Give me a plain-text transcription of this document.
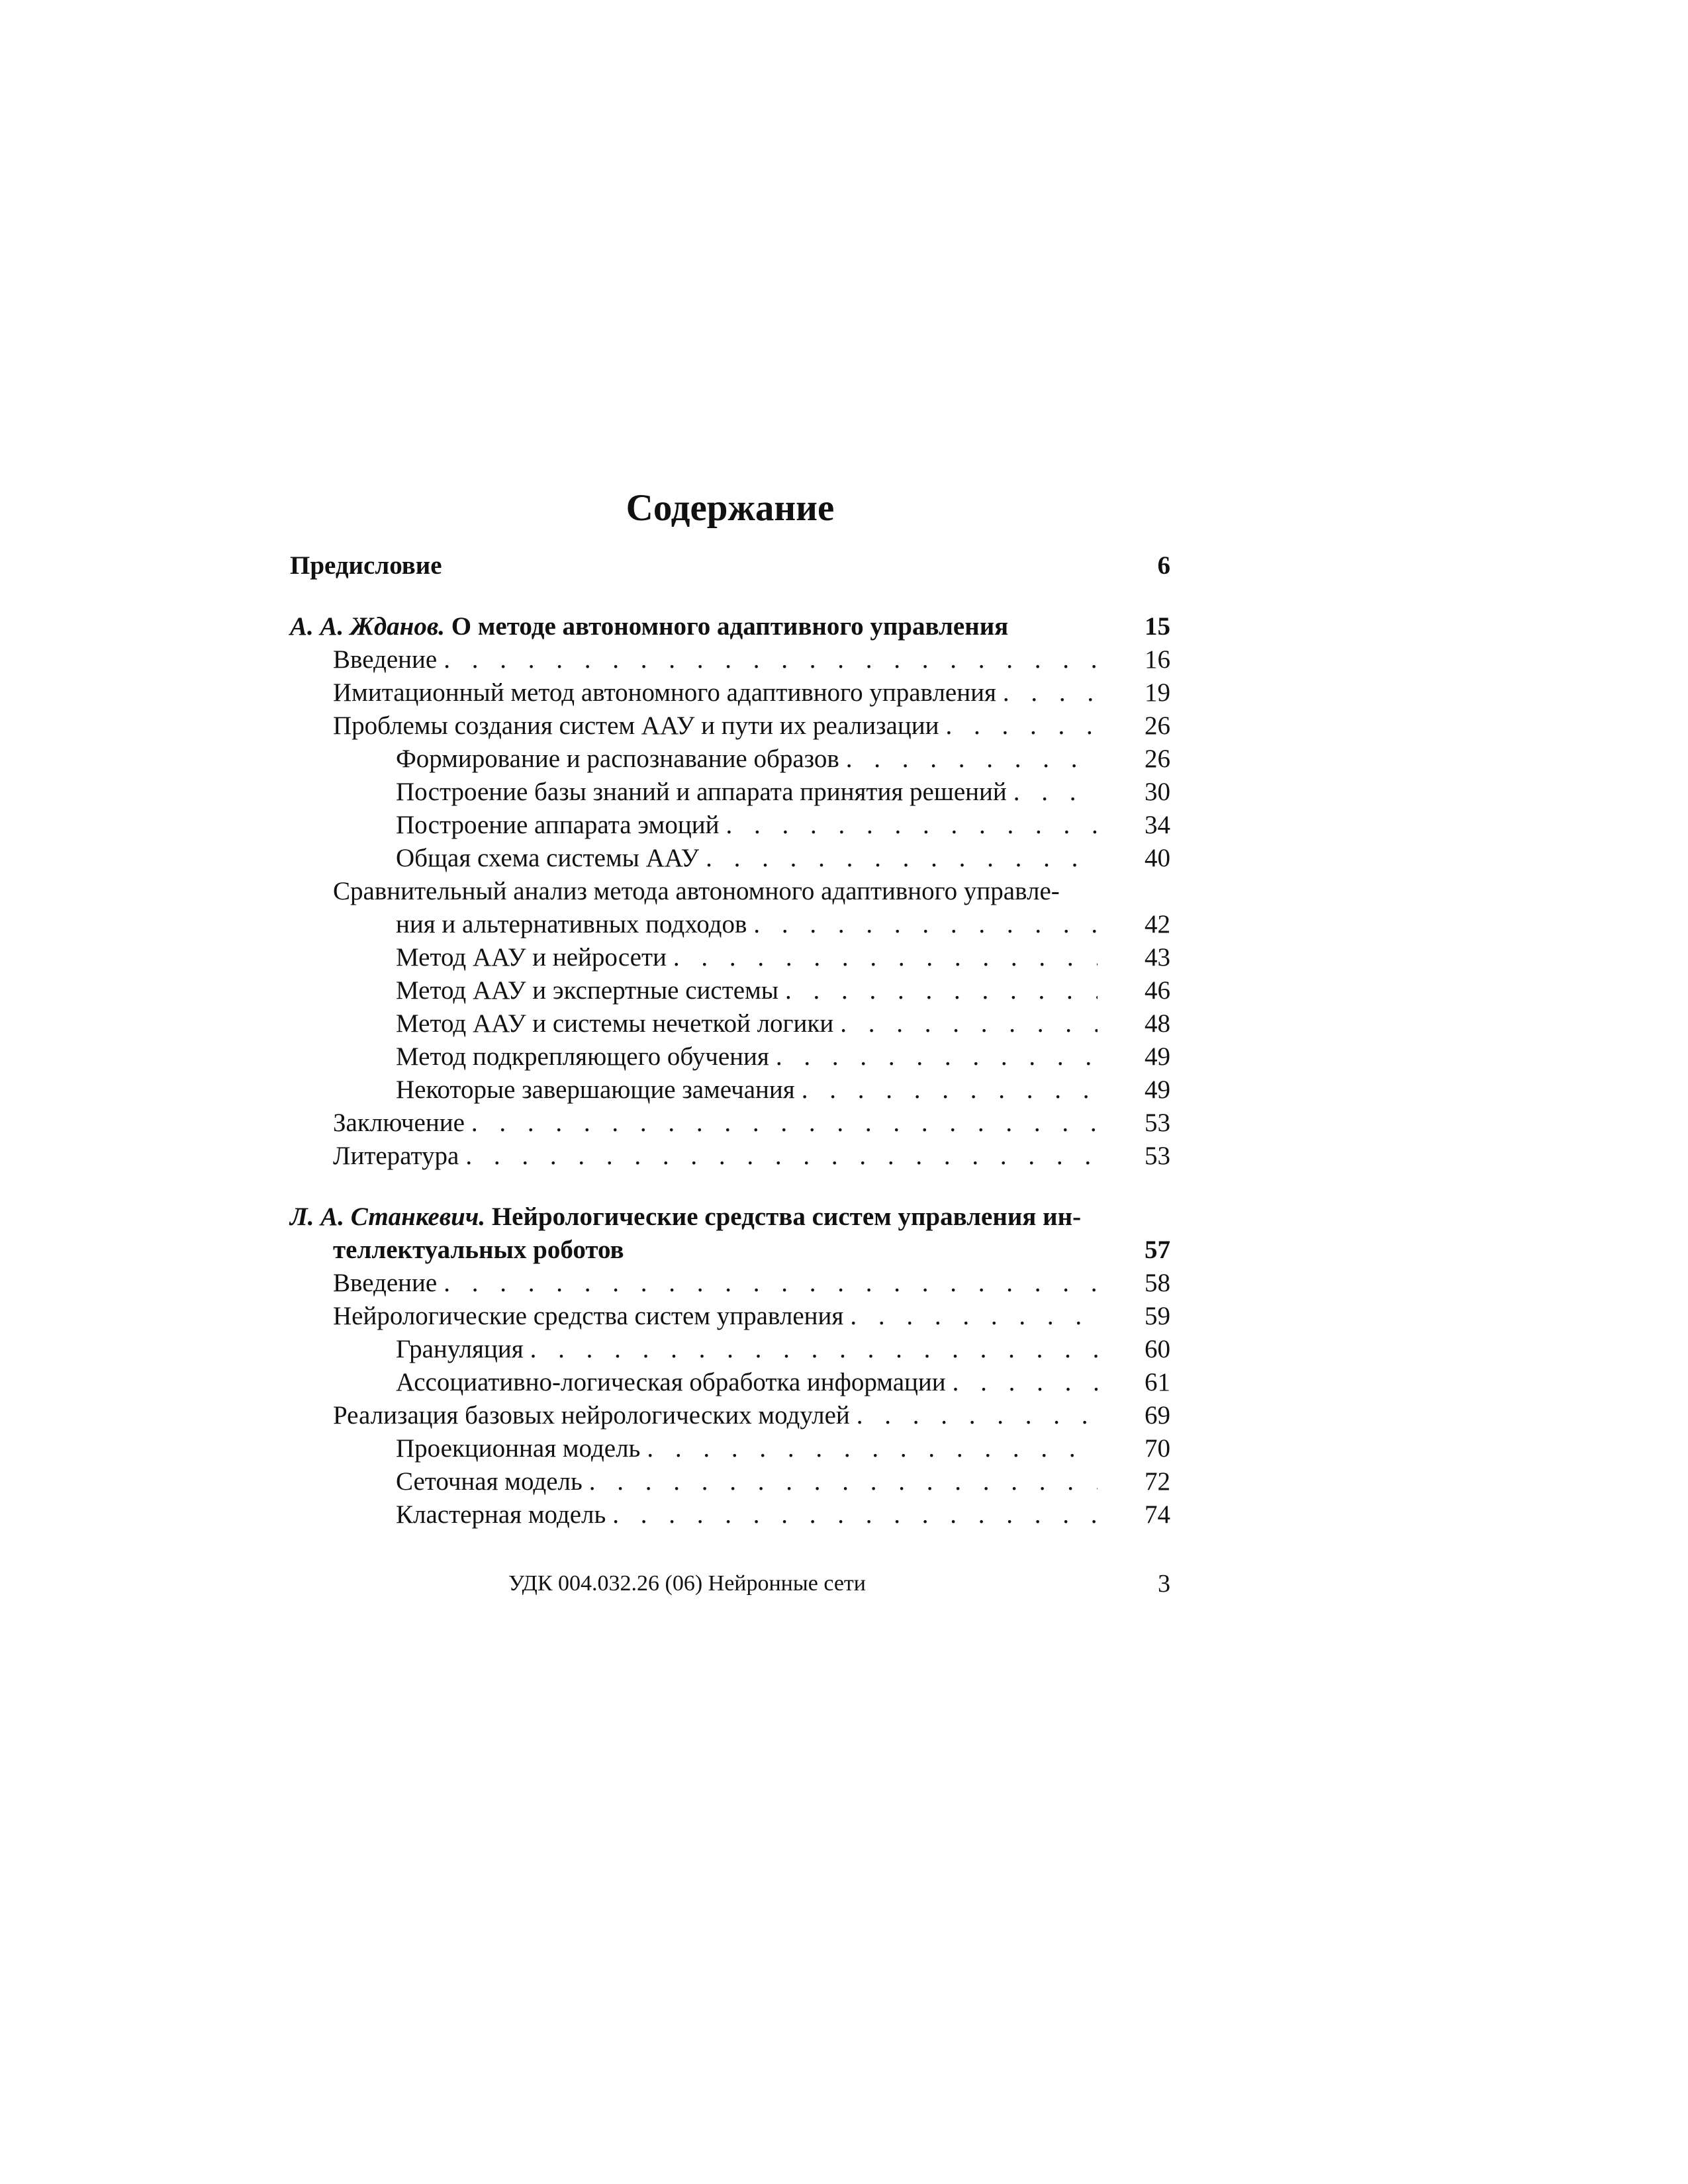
Содержание
Предисловие	6
А. А. Жданов. О методе автономного адаптивного управления	15
Введение . . .	16
Имитационный метод автономного адаптивного управления . . .	19
Проблемы создания систем ААУ и пути их реализации . . .	26
Формирование и распознавание образов . . .	26
Построение базы знаний и аппарата принятия решений . . .	30
Построение аппарата эмоций . . .	34
Общая схема системы ААУ . . .	40
Сравнительный анализ метода автономного адаптивного управле-
ния и альтернативных подходов . . .	42
Метод ААУ и нейросети . . .	43
Метод ААУ и экспертные системы . . .	46
Метод ААУ и системы нечеткой логики . . .	48
Метод подкрепляющего обучения . . .	49
Некоторые завершающие замечания . . .	49
Заключение . . .	53
Литература . . .	53
Л. А. Станкевич. Нейрологические средства систем управления ин-
теллектуальных роботов	57
Введение . . .	58
Нейрологические средства систем управления . . .	59
Грануляция . . .	60
Ассоциативно-логическая обработка информации . . .	61
Реализация базовых нейрологических модулей . . .	69
Проекционная модель . . .	70
Сеточная модель . . .	72
Кластерная модель . . .	74
УДК 004.032.26 (06) Нейронные сети	3
